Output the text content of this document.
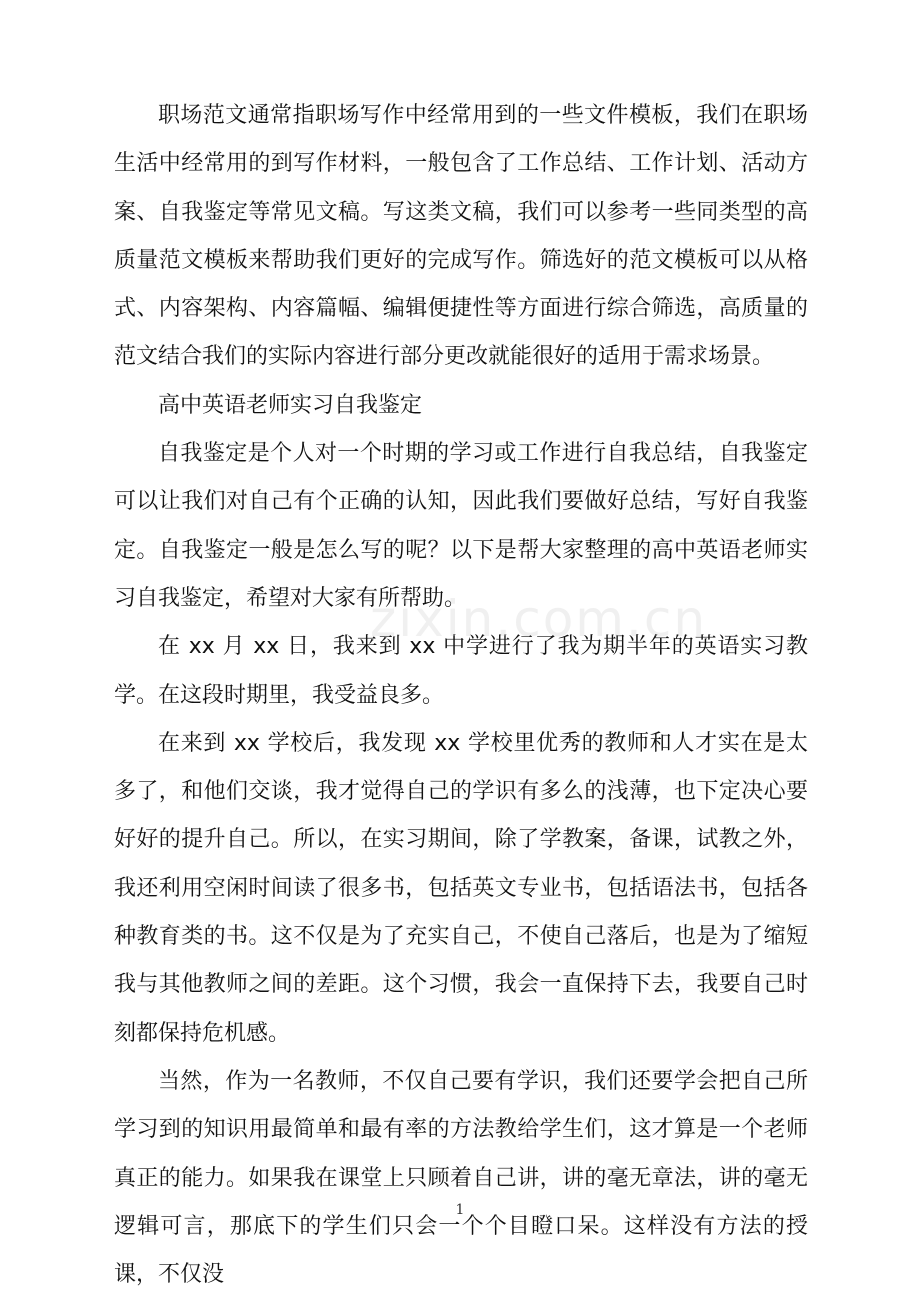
职场范文通常指职场写作中经常用到的一些文件模板，我们在职场生活中经常用的到写作材料，一般包含了工作总结、工作计划、活动方案、自我鉴定等常见文稿。写这类文稿，我们可以参考一些同类型的高质量范文模板来帮助我们更好的完成写作。筛选好的范文模板可以从格式、内容架构、内容篇幅、编辑便捷性等方面进行综合筛选，高质量的范文结合我们的实际内容进行部分更改就能很好的适用于需求场景。

高中英语老师实习自我鉴定

自我鉴定是个人对一个时期的学习或工作进行自我总结，自我鉴定可以让我们对自己有个正确的认知，因此我们要做好总结，写好自我鉴定。自我鉴定一般是怎么写的呢？以下是帮大家整理的高中英语老师实习自我鉴定，希望对大家有所帮助。

在 xx 月 xx 日，我来到 xx 中学进行了我为期半年的英语实习教学。在这段时期里，我受益良多。

在来到 xx 学校后，我发现 xx 学校里优秀的教师和人才实在是太多了，和他们交谈，我才觉得自己的学识有多么的浅薄，也下定决心要好好的提升自己。所以，在实习期间，除了学教案，备课，试教之外，我还利用空闲时间读了很多书，包括英文专业书，包括语法书，包括各种教育类的书。这不仅是为了充实自己，不使自己落后，也是为了缩短我与其他教师之间的差距。这个习惯，我会一直保持下去，我要自己时刻都保持危机感。

当然，作为一名教师，不仅自己要有学识，我们还要学会把自己所学习到的知识用最简单和最有率的方法教给学生们，这才算是一个老师真正的能力。如果我在课堂上只顾着自己讲，讲的毫无章法，讲的毫无逻辑可言，那底下的学生们只会一个个目瞪口呆。这样没有方法的授课，不仅没

zixin.com.cn
1
